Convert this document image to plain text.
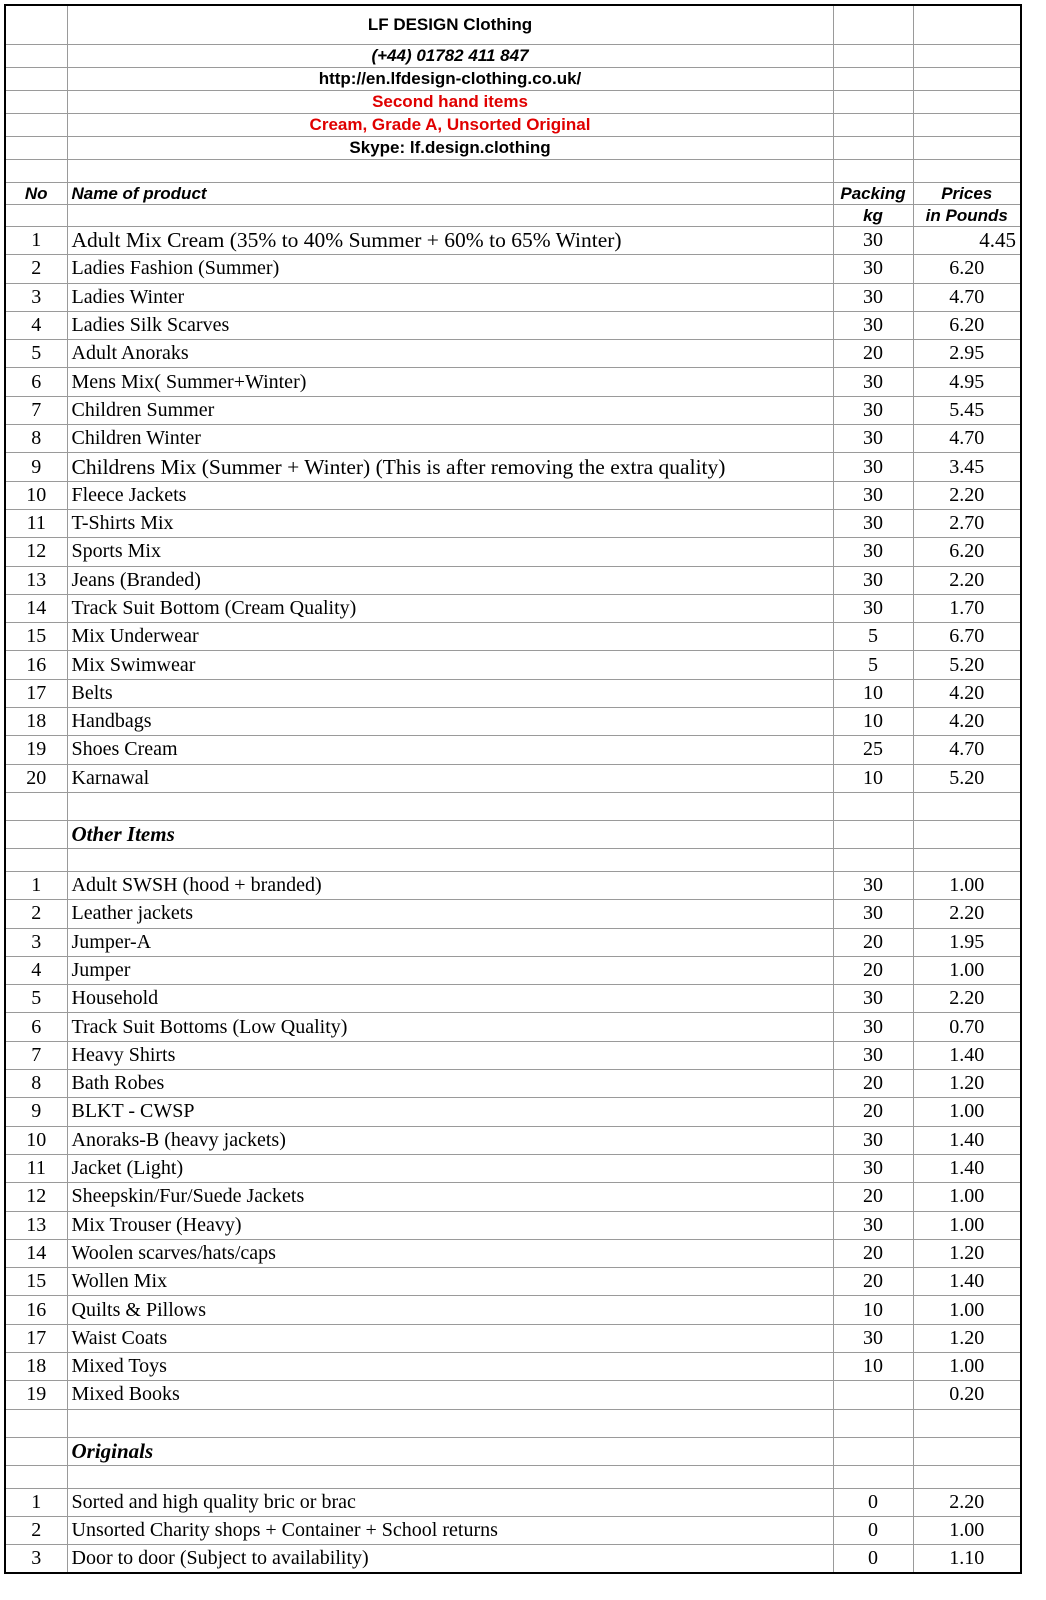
	LF DESIGN Clothing		
	(+44) 01782 411 847		
	http://en.lfdesign-clothing.co.uk/		
	Second hand items		
	Cream, Grade A, Unsorted Original		
	Skype: lf.design.clothing		

No	Name of product	Packing	Prices
		kg	in Pounds
1	Adult Mix Cream (35% to 40% Summer + 60% to 65% Winter)	30	4.45
2	Ladies Fashion (Summer)	30	6.20
3	Ladies Winter	30	4.70
4	Ladies Silk Scarves	30	6.20
5	Adult Anoraks	20	2.95
6	Mens Mix( Summer+Winter)	30	4.95
7	Children Summer	30	5.45
8	Children Winter	30	4.70
9	Childrens Mix (Summer + Winter) (This is after removing the extra quality)	30	3.45
10	Fleece Jackets	30	2.20
11	T-Shirts Mix	30	2.70
12	Sports Mix	30	6.20
13	Jeans (Branded)	30	2.20
14	Track Suit Bottom (Cream Quality)	30	1.70
15	Mix Underwear	5	6.70
16	Mix Swimwear	5	5.20
17	Belts	10	4.20
18	Handbags	10	4.20
19	Shoes Cream	25	4.70
20	Karnawal	10	5.20

	Other Items		

1	Adult SWSH (hood + branded)	30	1.00
2	Leather jackets	30	2.20
3	Jumper-A	20	1.95
4	Jumper	20	1.00
5	Household	30	2.20
6	Track Suit Bottoms (Low Quality)	30	0.70
7	Heavy Shirts	30	1.40
8	Bath Robes	20	1.20
9	BLKT - CWSP	20	1.00
10	Anoraks-B (heavy jackets)	30	1.40
11	Jacket (Light)	30	1.40
12	Sheepskin/Fur/Suede Jackets	20	1.00
13	Mix Trouser (Heavy)	30	1.00
14	Woolen scarves/hats/caps	20	1.20
15	Wollen Mix	20	1.40
16	Quilts & Pillows	10	1.00
17	Waist Coats	30	1.20
18	Mixed Toys	10	1.00
19	Mixed Books		0.20

	Originals		

1	Sorted and high quality bric or brac	0	2.20
2	Unsorted Charity shops + Container + School returns	0	1.00
3	Door to door (Subject to availability)	0	1.10
